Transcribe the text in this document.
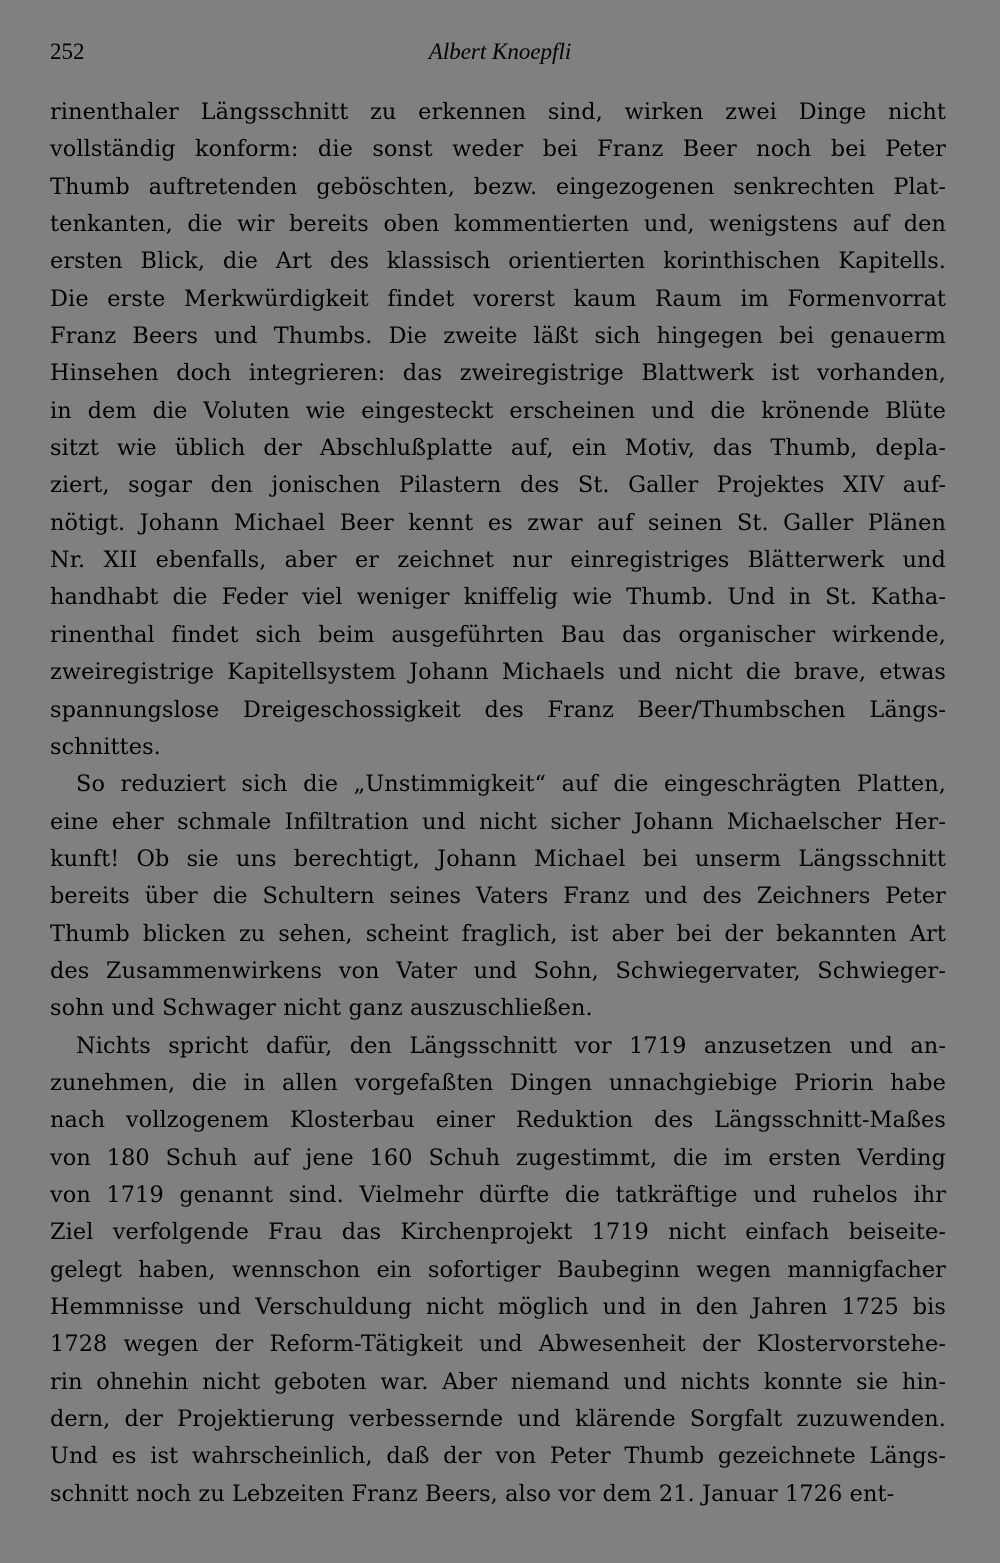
252	Albert Knoepfli
rinenthaler Längsschnitt zu erkennen sind, wirken zwei Dinge nicht
vollständig konform: die sonst weder bei Franz Beer noch bei Peter
Thumb auftretenden geböschten, bezw. eingezogenen senkrechten Plat-
tenkanten, die wir bereits oben kommentierten und, wenigstens auf den
ersten Blick, die Art des klassisch orientierten korinthischen Kapitells.
Die erste Merkwürdigkeit findet vorerst kaum Raum im Formenvorrat
Franz Beers und Thumbs. Die zweite läßt sich hingegen bei genauerm
Hinsehen doch integrieren: das zweiregistrige Blattwerk ist vorhanden,
in dem die Voluten wie eingesteckt erscheinen und die krönende Blüte
sitzt wie üblich der Abschlußplatte auf, ein Motiv, das Thumb, depla-
ziert, sogar den jonischen Pilastern des St. Galler Projektes XIV auf-
nötigt. Johann Michael Beer kennt es zwar auf seinen St. Galler Plänen
Nr. XII ebenfalls, aber er zeichnet nur einregistriges Blätterwerk und
handhabt die Feder viel weniger kniffelig wie Thumb. Und in St. Katha-
rinenthal findet sich beim ausgeführten Bau das organischer wirkende,
zweiregistrige Kapitellsystem Johann Michaels und nicht die brave, etwas
spannungslose Dreigeschossigkeit des Franz Beer/Thumbschen Längs-
schnittes.
So reduziert sich die „Unstimmigkeit“ auf die eingeschrägten Platten,
eine eher schmale Infiltration und nicht sicher Johann Michaelscher Her-
kunft! Ob sie uns berechtigt, Johann Michael bei unserm Längsschnitt
bereits über die Schultern seines Vaters Franz und des Zeichners Peter
Thumb blicken zu sehen, scheint fraglich, ist aber bei der bekannten Art
des Zusammenwirkens von Vater und Sohn, Schwiegervater, Schwieger-
sohn und Schwager nicht ganz auszuschließen.
Nichts spricht dafür, den Längsschnitt vor 1719 anzusetzen und an-
zunehmen, die in allen vorgefaßten Dingen unnachgiebige Priorin habe
nach vollzogenem Klosterbau einer Reduktion des Längsschnitt-Maßes
von 180 Schuh auf jene 160 Schuh zugestimmt, die im ersten Verding
von 1719 genannt sind. Vielmehr dürfte die tatkräftige und ruhelos ihr
Ziel verfolgende Frau das Kirchenprojekt 1719 nicht einfach beiseite-
gelegt haben, wennschon ein sofortiger Baubeginn wegen mannigfacher
Hemmnisse und Verschuldung nicht möglich und in den Jahren 1725 bis
1728 wegen der Reform-Tätigkeit und Abwesenheit der Klostervorstehe-
rin ohnehin nicht geboten war. Aber niemand und nichts konnte sie hin-
dern, der Projektierung verbessernde und klärende Sorgfalt zuzuwenden.
Und es ist wahrscheinlich, daß der von Peter Thumb gezeichnete Längs-
schnitt noch zu Lebzeiten Franz Beers, also vor dem 21. Januar 1726 ent-
